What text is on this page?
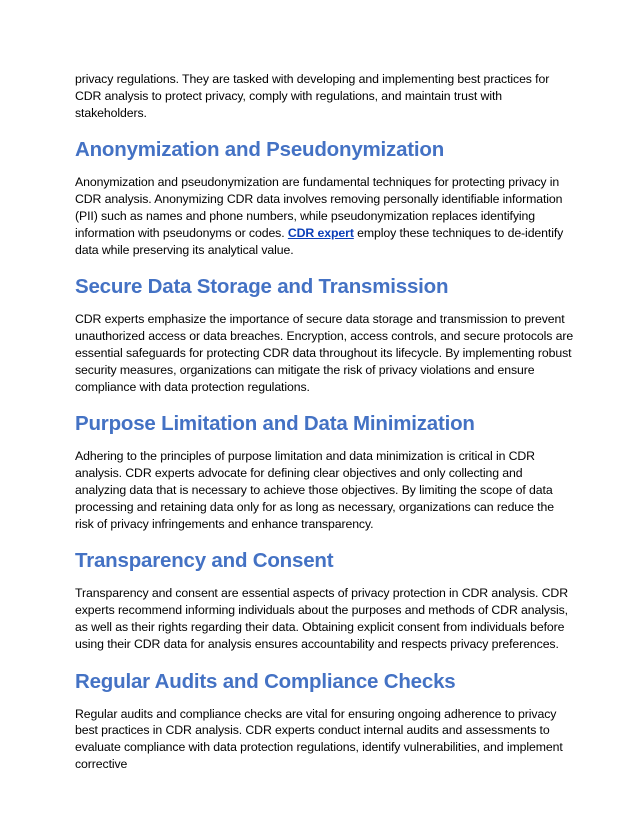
privacy regulations. They are tasked with developing and implementing best practices for CDR analysis to protect privacy, comply with regulations, and maintain trust with stakeholders.

Anonymization and Pseudonymization

Anonymization and pseudonymization are fundamental techniques for protecting privacy in CDR analysis. Anonymizing CDR data involves removing personally identifiable information (PII) such as names and phone numbers, while pseudonymization replaces identifying information with pseudonyms or codes. CDR expert employ these techniques to de-identify data while preserving its analytical value.

Secure Data Storage and Transmission

CDR experts emphasize the importance of secure data storage and transmission to prevent unauthorized access or data breaches. Encryption, access controls, and secure protocols are essential safeguards for protecting CDR data throughout its lifecycle. By implementing robust security measures, organizations can mitigate the risk of privacy violations and ensure compliance with data protection regulations.

Purpose Limitation and Data Minimization

Adhering to the principles of purpose limitation and data minimization is critical in CDR analysis. CDR experts advocate for defining clear objectives and only collecting and analyzing data that is necessary to achieve those objectives. By limiting the scope of data processing and retaining data only for as long as necessary, organizations can reduce the risk of privacy infringements and enhance transparency.

Transparency and Consent

Transparency and consent are essential aspects of privacy protection in CDR analysis. CDR experts recommend informing individuals about the purposes and methods of CDR analysis, as well as their rights regarding their data. Obtaining explicit consent from individuals before using their CDR data for analysis ensures accountability and respects privacy preferences.

Regular Audits and Compliance Checks

Regular audits and compliance checks are vital for ensuring ongoing adherence to privacy best practices in CDR analysis. CDR experts conduct internal audits and assessments to evaluate compliance with data protection regulations, identify vulnerabilities, and implement corrective
